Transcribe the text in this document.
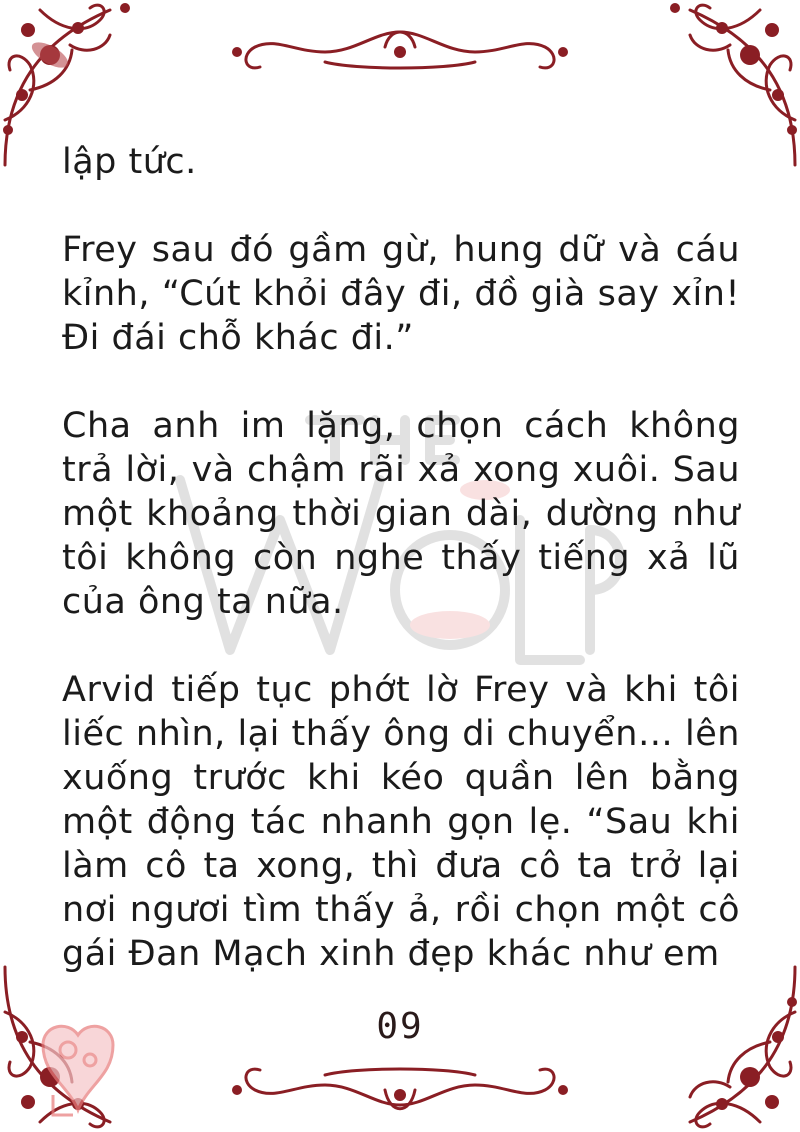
lập tức.

Frey sau đó gầm gừ, hung dữ và cáu kỉnh, “Cút khỏi đây đi, đồ già say xỉn! Đi đái chỗ khác đi.”

Cha anh im lặng, chọn cách không trả lời, và chậm rãi xả xong xuôi. Sau một khoảng thời gian dài, dường như tôi không còn nghe thấy tiếng xả lũ của ông ta nữa.

Arvid tiếp tục phớt lờ Frey và khi tôi liếc nhìn, lại thấy ông di chuyển… lên xuống trước khi kéo quần lên bằng một động tác nhanh gọn lẹ. “Sau khi làm cô ta xong, thì đưa cô ta trở lại nơi ngươi tìm thấy ả, rồi chọn một cô gái Đan Mạch xinh đẹp khác như em

09
